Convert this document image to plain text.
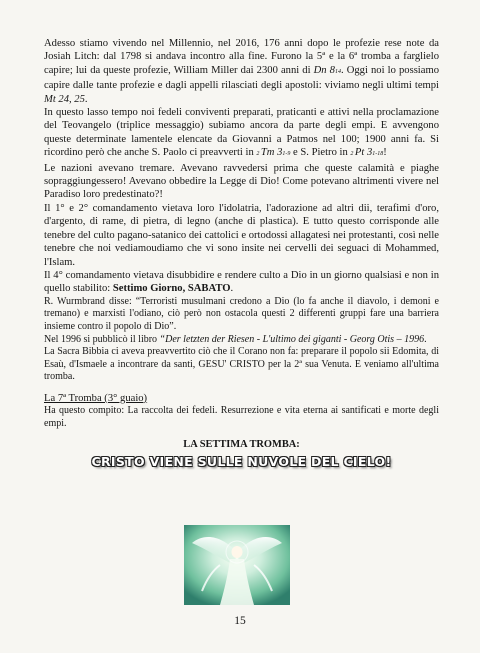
Adesso stiamo vivendo nel Millennio, nel 2016, 176 anni dopo le profezie rese note da Josiah Litch: dal 1798 si andava incontro alla fine. Furono la 5ª e la 6ª tromba a farglielo capire; lui da queste profezie, William Miller dai 2300 anni di Dn 814. Oggi noi lo possiamo capire dalle tante profezie e dagli appelli rilasciati degli apostoli: viviamo negli ultimi tempi Mt 24, 25.

In questo lasso tempo noi fedeli conviventi preparati, praticanti e attivi nella proclamazione del Teovangelo (triplice messaggio) subiamo ancora da parte degli empi. E avvengono queste determinate lamentele elencate da Giovanni a Patmos nel 100; 1900 anni fa. Si ricordino però che anche S. Paolo ci preavverti in 2 Tm 31-9 e S. Pietro in 2 Pt 31-18!

Le nazioni avevano tremare. Avevano ravvedersi prima che queste calamità e piaghe sopraggiungessero! Avevano obbedire la Legge di Dio! Come potevano altrimenti vivere nel Paradiso loro predestinato?!

Il 1° e 2° comandamento vietava loro l'idolatria, l'adorazione ad altri dii, terafimi d'oro, d'argento, di rame, di pietra, di legno (anche di plastica). E tutto questo corrisponde alle tenebre del culto pagano-satanico dei cattolici e ortodossi allagatesi nei protestanti, così nelle tenebre che noi vediamoudiamo che vi sono insite nei cervelli dei seguaci di Mohammed, l'Islam.

Il 4° comandamento vietava disubbidire e rendere culto a Dio in un giorno qualsiasi e non in quello stabilito: Settimo Giorno, SABATO.

R. Wurmbrand disse: “Terroristi musulmani credono a Dio (lo fa anche il diavolo, i demoni e tremano) e marxisti l'odiano, ciò però non ostacola questi 2 differenti gruppi fare una barriera insieme contro il popolo di Dio”.

Nel 1996 si pubblicò il libro “Der letzten der Riesen - L'ultimo dei giganti - Georg Otis – 1996.

La Sacra Bibbia ci aveva preavvertito ciò che il Corano non fa: preparare il popolo sii Edomita, di Esaù, d'Ismaele a incontrare da santi, GESU' CRISTO per la 2ª sua Venuta. E veniamo all'ultima tromba.

La 7ª Tromba (3° guaio)

Ha questo compito: La raccolta dei fedeli. Resurrezione e vita eterna ai santificati e morte degli empi.

LA SETTIMA TROMBA:

CRISTO VIENE SULLE NUVOLE DEL CIELO!

15
